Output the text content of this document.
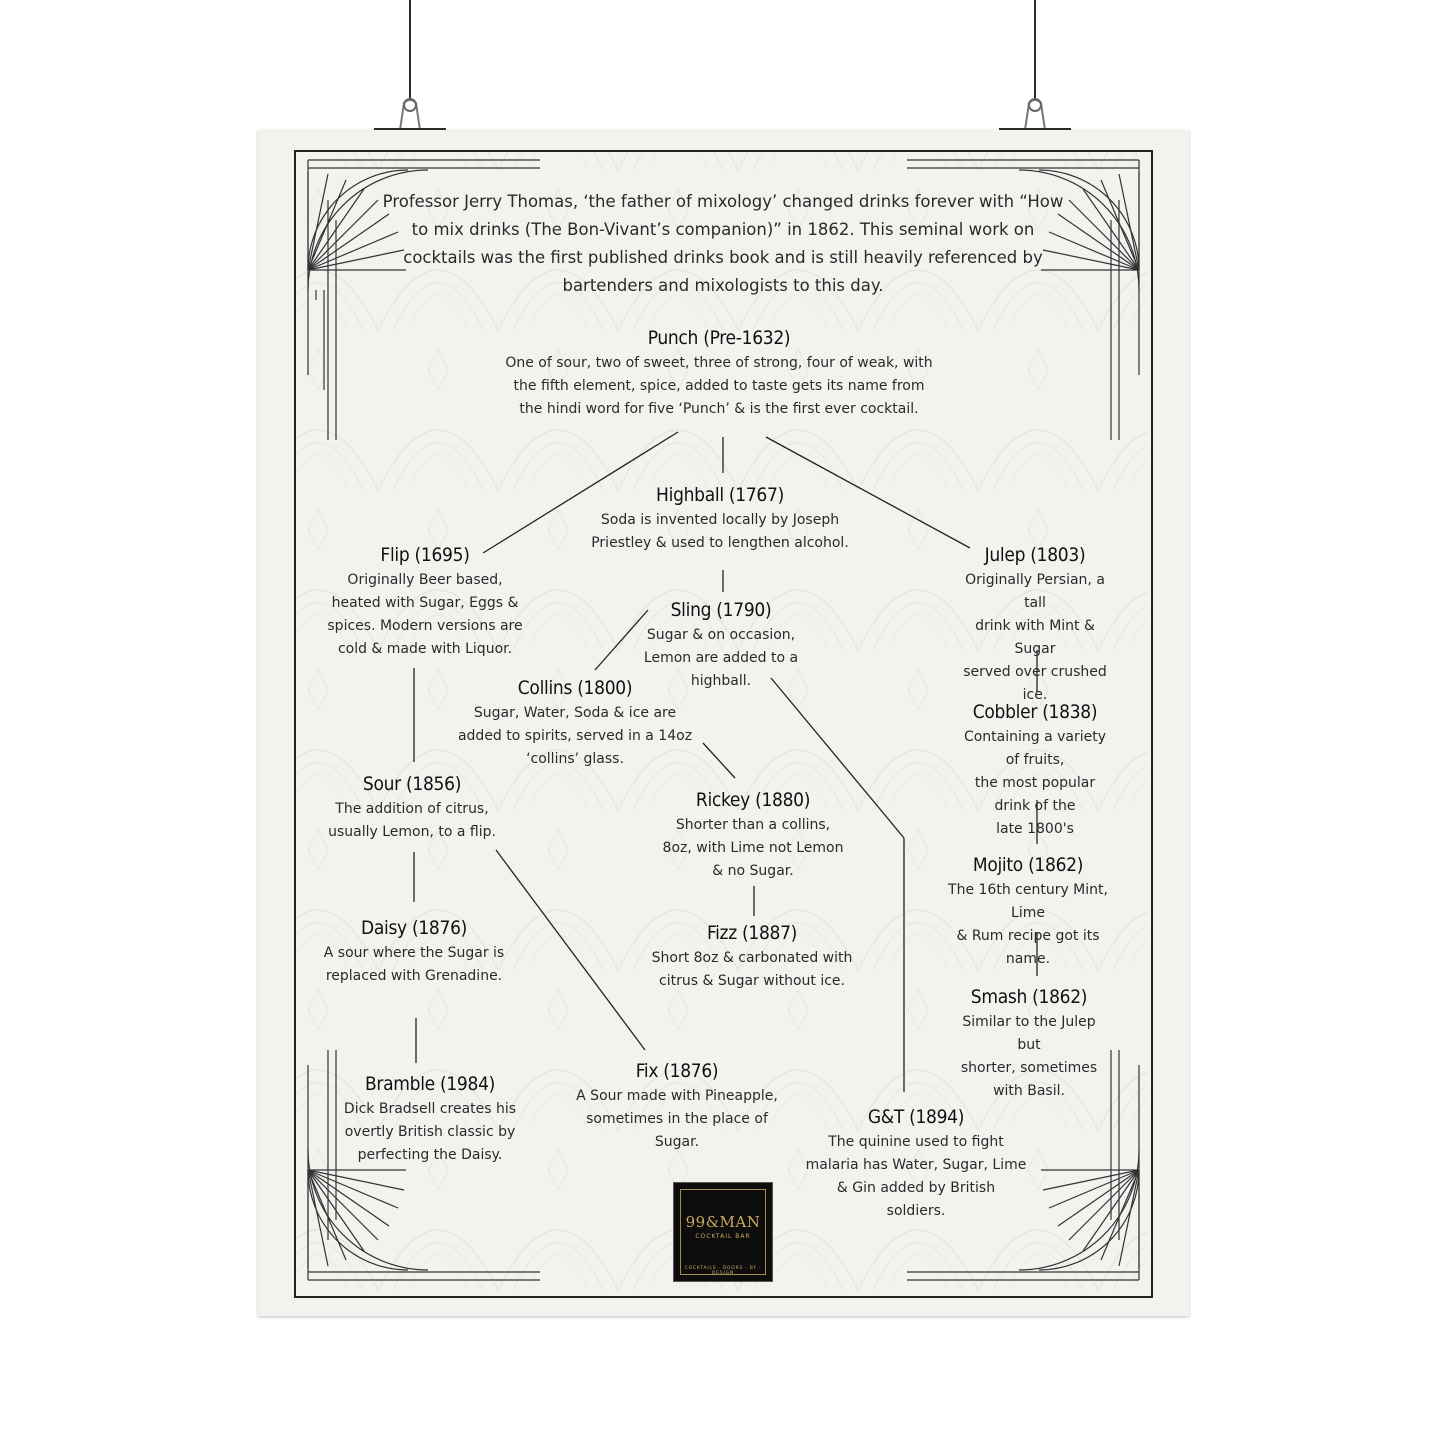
Professor Jerry Thomas, ‘the father of mixology’ changed drinks forever with “How to mix drinks (The Bon-Vivant’s companion)” in 1862. This seminal work on cocktails was the first published drinks book and is still heavily referenced by bartenders and mixologists to this day.
Punch (Pre-1632)

One of sour, two of sweet, three of strong, four of weak, with
the fifth element, spice, added to taste gets its name from
the hindi word for five ‘Punch’ & is the first ever cocktail.

Highball (1767)

Soda is invented locally by Joseph
Priestley & used to lengthen alcohol.

Flip (1695)

Originally Beer based,
heated with Sugar, Eggs &
spices. Modern versions are
cold & made with Liquor.

Julep (1803)

Originally Persian, a tall
drink with Mint & Sugar
served over crushed ice.

Sling (1790)

Sugar & on occasion,
Lemon are added to a
highball.

Collins (1800)

Sugar, Water, Soda & ice are
added to spirits, served in a 14oz
‘collins’ glass.

Cobbler (1838)

Containing a variety of fruits,
the most popular drink of the
late 1800's

Sour (1856)

The addition of citrus,
usually Lemon, to a flip.

Rickey (1880)

Shorter than a collins,
8oz, with Lime not Lemon
& no Sugar.	Mojito (1862)

The 16th century Mint, Lime
& Rum recipe got its name.

Daisy (1876)

A sour where the Sugar is
replaced with Grenadine.

Fizz (1887)

Short 8oz & carbonated with
citrus & Sugar without ice.

Smash (1862)

Similar to the Julep but
shorter, sometimes
with Basil.

Fix (1876)

A Sour made with Pineapple,
sometimes in the place of
Sugar.

Bramble (1984)

Dick Bradsell creates his
overtly British classic by
perfecting the Daisy.

G&T (1894)

The quinine used to fight
malaria has Water, Sugar, Lime
& Gin added by British
soldiers.

99&MAN
COCKTAIL BAR
COCKTAILS · BOOKS · BY · DESIGN
